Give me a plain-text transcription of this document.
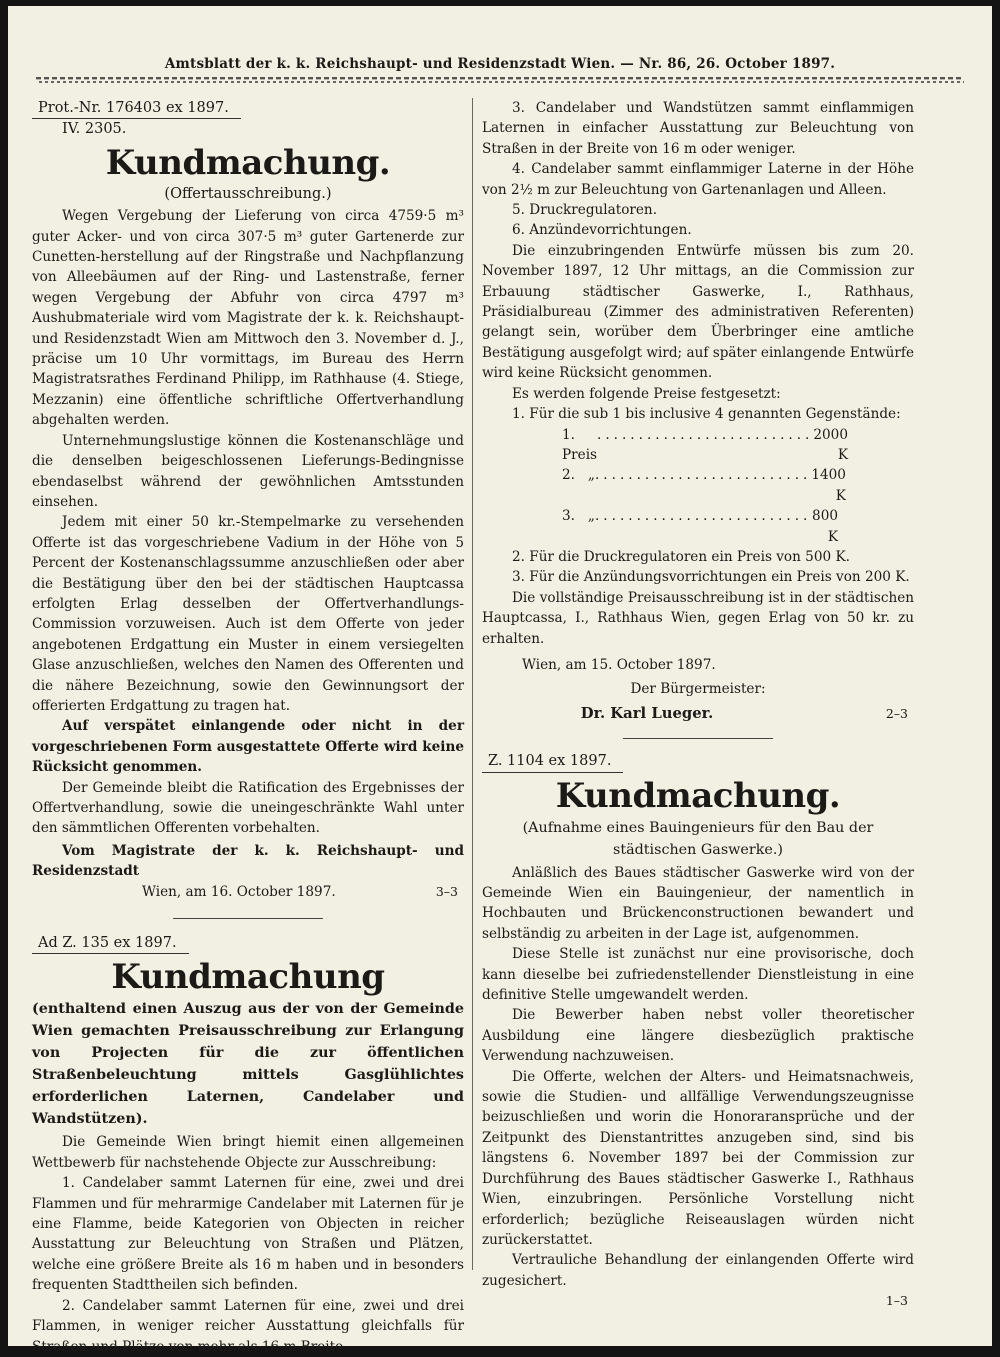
Amtsblatt der k. k. Reichshaupt- und Residenzstadt Wien. — Nr. 86, 26. October 1897.
Prot.-Nr. 176403 ex 1897.
IV. 2305.
Kundmachung.
(Offertausschreibung.)

Wegen Vergebung der Lieferung von circa 4759·5 m³ guter Acker- und von circa 307·5 m³ guter Gartenerde zur Cunetten-herstellung auf der Ringstraße und Nachpflanzung von Alleebäumen auf der Ring- und Lastenstraße, ferner wegen Vergebung der Abfuhr von circa 4797 m³ Aushubmateriale wird vom Magistrate der k. k. Reichshaupt- und Residenzstadt Wien am Mittwoch den 3. November d. J., präcise um 10 Uhr vormittags, im Bureau des Herrn Magistratsrathes Ferdinand Philipp, im Rathhause (4. Stiege, Mezzanin) eine öffentliche schriftliche Offertverhandlung abgehalten werden.

Unternehmungslustige können die Kostenanschläge und die denselben beigeschlossenen Lieferungs-Bedingnisse ebendaselbst während der gewöhnlichen Amtsstunden einsehen.

Jedem mit einer 50 kr.-Stempelmarke zu versehenden Offerte ist das vorgeschriebene Vadium in der Höhe von 5 Percent der Kostenanschlagssumme anzuschließen oder aber die Bestätigung über den bei der städtischen Hauptcassa erfolgten Erlag desselben der Offertverhandlungs-Commission vorzuweisen. Auch ist dem Offerte von jeder angebotenen Erdgattung ein Muster in einem versiegelten Glase anzuschließen, welches den Namen des Offerenten und die nähere Bezeichnung, sowie den Gewinnungsort der offerierten Erdgattung zu tragen hat.

Auf verspätet einlangende oder nicht in der vorgeschriebenen Form ausgestattete Offerte wird keine Rücksicht genommen.

Der Gemeinde bleibt die Ratification des Ergebnisses der Offertverhandlung, sowie die uneingeschränkte Wahl unter den sämmtlichen Offerenten vorbehalten.

Vom Magistrate der k. k. Reichshaupt- und Residenzstadt

Wien, am 16. October 1897.	3–3

Ad Z. 135 ex 1897.
Kundmachung
(enthaltend einen Auszug aus der von der Gemeinde Wien gemachten Preisausschreibung zur Erlangung von Projecten für die zur öffentlichen Straßenbeleuchtung mittels Gasglühlichtes erforderlichen Laternen, Candelaber und Wandstützen).

Die Gemeinde Wien bringt hiemit einen allgemeinen Wettbewerb für nachstehende Objecte zur Ausschreibung:

1. Candelaber sammt Laternen für eine, zwei und drei Flammen und für mehrarmige Candelaber mit Laternen für je eine Flamme, beide Kategorien von Objecten in reicher Ausstattung zur Beleuchtung von Straßen und Plätzen, welche eine größere Breite als 16 m haben und in besonders frequenten Stadttheilen sich befinden.

2. Candelaber sammt Laternen für eine, zwei und drei Flammen, in weniger reicher Ausstattung gleichfalls für Straßen und Plätze von mehr als 16 m Breite.

3. Candelaber und Wandstützen sammt einflammigen Laternen in einfacher Ausstattung zur Beleuchtung von Straßen in der Breite von 16 m oder weniger.

4. Candelaber sammt einflammiger Laterne in der Höhe von 2½ m zur Beleuchtung von Gartenanlagen und Alleen.

5. Druckregulatoren.

6. Anzündevorrichtungen.

Die einzubringenden Entwürfe müssen bis zum 20. November 1897, 12 Uhr mittags, an die Commission zur Erbauung städtischer Gaswerke, I., Rathhaus, Präsidialbureau (Zimmer des administrativen Referenten) gelangt sein, worüber dem Überbringer eine amtliche Bestätigung ausgefolgt wird; auf später einlangende Entwürfe wird keine Rücksicht genommen.

Es werden folgende Preise festgesetzt:

1. Für die sub 1 bis inclusive 4 genannten Gegenstände:

1. Preis
.......................... 2000 K
2.   „ .......................... 1400 K
3.   „ .......................... 800 K

2. Für die Druckregulatoren ein Preis von 500 K.

3. Für die Anzündungsvorrichtungen ein Preis von 200 K.

Die vollständige Preisausschreibung ist in der städtischen Hauptcassa, I., Rathhaus Wien, gegen Erlag von 50 kr. zu erhalten.

Wien, am 15. October 1897.

Der Bürgermeister:

Dr. Karl Lueger.	2–3

Z. 1104 ex 1897.
Kundmachung.
(Aufnahme eines Bauingenieurs für den Bau der städtischen Gaswerke.)

Anläßlich des Baues städtischer Gaswerke wird von der Gemeinde Wien ein Bauingenieur, der namentlich in Hochbauten und Brückenconstructionen bewandert und selbständig zu arbeiten in der Lage ist, aufgenommen.

Diese Stelle ist zunächst nur eine provisorische, doch kann dieselbe bei zufriedenstellender Dienstleistung in eine definitive Stelle umgewandelt werden.

Die Bewerber haben nebst voller theoretischer Ausbildung eine längere diesbezüglich praktische Verwendung nachzuweisen.

Die Offerte, welchen der Alters- und Heimatsnachweis, sowie die Studien- und allfällige Verwendungszeugnisse beizuschließen und worin die Honoraransprüche und der Zeitpunkt des Dienstantrittes anzugeben sind, sind bis längstens 6. November 1897 bei der Commission zur Durchführung des Baues städtischer Gaswerke I., Rathhaus Wien, einzubringen. Persönliche Vorstellung nicht erforderlich; bezügliche Reiseauslagen würden nicht zurückerstattet.

Vertrauliche Behandlung der einlangenden Offerte wird zugesichert.

1–3
